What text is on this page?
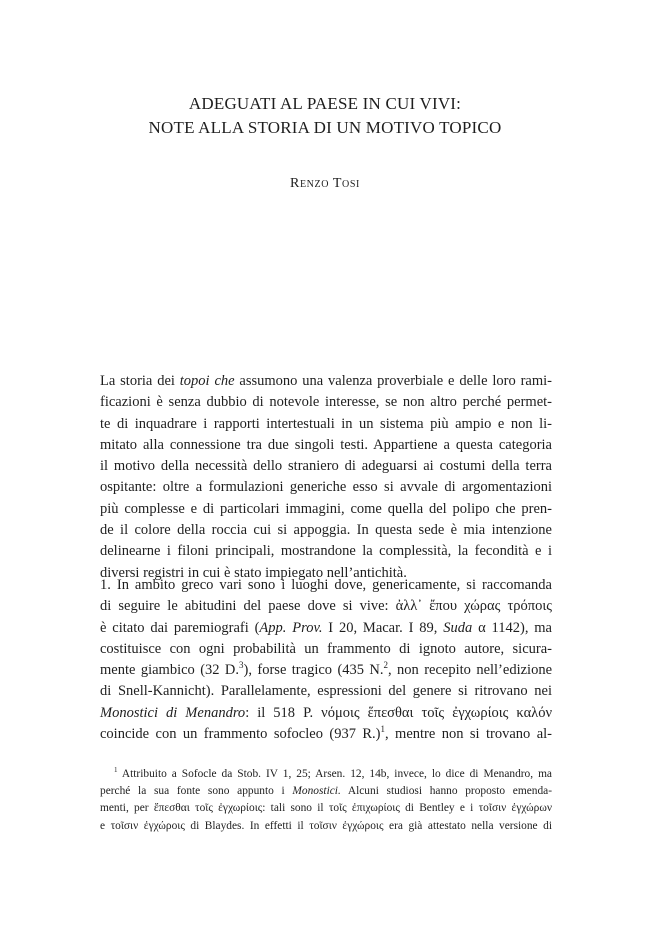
ADEGUATI AL PAESE IN CUI VIVI:
NOTE ALLA STORIA DI UN MOTIVO TOPICO
Renzo Tosi
La storia dei topoi che assumono una valenza proverbiale e delle loro rami-
ficazioni è senza dubbio di notevole interesse, se non altro perché permet-
te di inquadrare i rapporti intertestuali in un sistema più ampio e non li-
mitato alla connessione tra due singoli testi. Appartiene a questa categoria
il motivo della necessità dello straniero di adeguarsi ai costumi della terra
ospitante: oltre a formulazioni generiche esso si avvale di argomentazioni
più complesse e di particolari immagini, come quella del polipo che pren-
de il colore della roccia cui si appoggia. In questa sede è mia intenzione
delinearne i filoni principali, mostrandone la complessità, la fecondità e i
diversi registri in cui è stato impiegato nell’antichità.
1. In ambito greco vari sono i luoghi dove, genericamente, si raccomanda
di seguire le abitudini del paese dove si vive: ἀλλ᾽ ἔπου χώρας τρόποις
è citato dai paremiografi (App. Prov. I 20, Macar. I 89, Suda α 1142), ma
costituisce con ogni probabilità un frammento di ignoto autore, sicura-
mente giambico (32 D.$^3$), forse tragico (435 N.$^2$, non recepito nell’edizione
di Snell-Kannicht). Parallelamente, espressioni del genere si ritrovano nei
Monostici di Menandro: il 518 P. νόμοις ἕπεσθαι τοῖς ἐγχωρίοις καλόν
coincide con un frammento sofocleo (937 R.)$^1$, mentre non si trovano al-
$^1$ Attribuito a Sofocle da Stob. IV 1, 25; Arsen. 12, 14b, invece, lo dice di Menandro, ma
perché la sua fonte sono appunto i Monostici. Alcuni studiosi hanno proposto emenda-
menti, per ἕπεσθαι τοῖς ἐγχωρίοις: tali sono il τοῖς ἐπιχωρίοις di Bentley e i τοῖσιν ἐγχώρων
e τοῖσιν ἐγχώροις di Blaydes. In effetti il τοῖσιν ἐγχώροις era già attestato nella versione di
